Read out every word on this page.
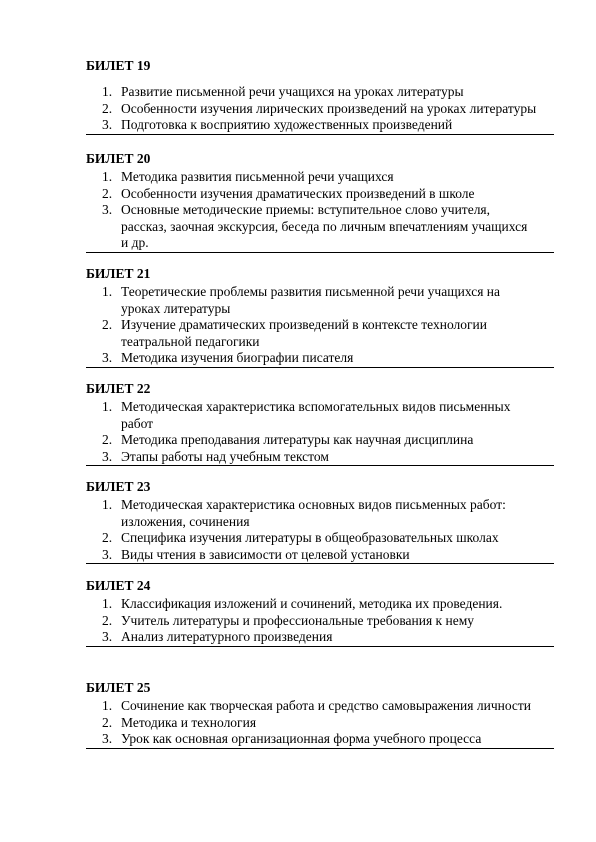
БИЛЕТ 19
1. Развитие письменной речи учащихся на уроках литературы
2. Особенности изучения лирических произведений на уроках литературы
3. Подготовка к восприятию художественных произведений
БИЛЕТ 20
1. Методика развития письменной речи учащихся
2. Особенности изучения драматических произведений в школе
3. Основные методические приемы: вступительное слово учителя,
рассказ, заочная экскурсия, беседа по личным впечатлениям учащихся
и др.
БИЛЕТ 21
1. Теоретические проблемы развития письменной речи учащихся на
уроках литературы
2. Изучение драматических произведений в контексте технологии
театральной педагогики
3. Методика изучения биографии писателя
БИЛЕТ 22
1. Методическая характеристика вспомогательных видов письменных
работ
2. Методика преподавания литературы как научная дисциплина
3. Этапы работы над учебным текстом
БИЛЕТ 23
1. Методическая характеристика основных видов письменных работ:
изложения, сочинения
2. Специфика изучения литературы в общеобразовательных школах
3. Виды чтения в зависимости от целевой установки
БИЛЕТ 24
1. Классификация изложений и сочинений, методика их проведения.
2. Учитель литературы и профессиональные требования к нему
3. Анализ литературного произведения
БИЛЕТ 25
1. Сочинение как творческая работа и средство самовыражения личности
2. Методика и технология
3. Урок как основная организационная форма учебного процесса
